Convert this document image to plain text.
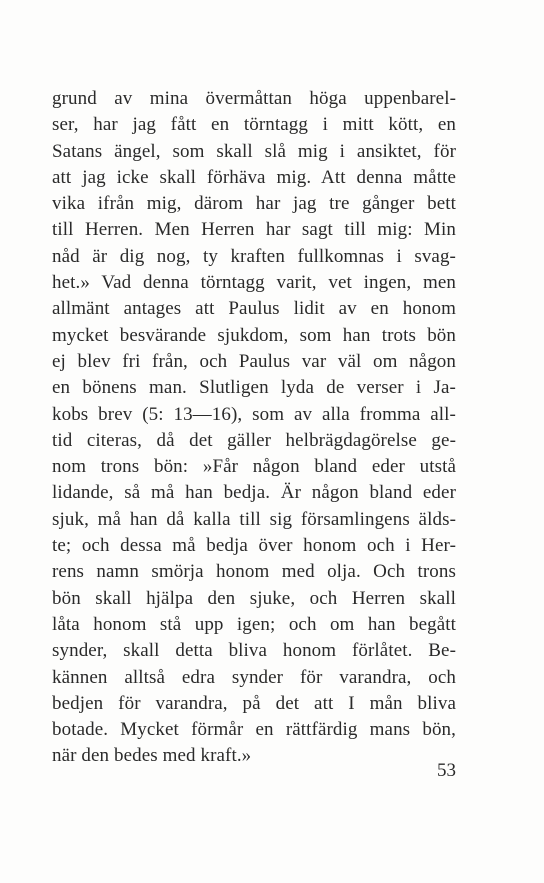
grund av mina övermåttan höga uppenbarel-
ser, har jag fått en törntagg i mitt kött, en
Satans ängel, som skall slå mig i ansiktet, för
att jag icke skall förhäva mig. Att denna måtte
vika ifrån mig, därom har jag tre gånger bett
till Herren. Men Herren har sagt till mig: Min
nåd är dig nog, ty kraften fullkomnas i svag-
het.» Vad denna törntagg varit, vet ingen, men
allmänt antages att Paulus lidit av en honom
mycket besvärande sjukdom, som han trots bön
ej blev fri från, och Paulus var väl om någon
en bönens man. Slutligen lyda de verser i Ja-
kobs brev (5: 13—16), som av alla fromma all-
tid citeras, då det gäller helbrägdagörelse ge-
nom trons bön: »Får någon bland eder utstå
lidande, så må han bedja. Är någon bland eder
sjuk, må han då kalla till sig församlingens älds-
te; och dessa må bedja över honom och i Her-
rens namn smörja honom med olja. Och trons
bön skall hjälpa den sjuke, och Herren skall
låta honom stå upp igen; och om han begått
synder, skall detta bliva honom förlåtet. Be-
kännen alltså edra synder för varandra, och
bedjen för varandra, på det att I mån bliva
botade. Mycket förmår en rättfärdig mans bön,
när den bedes med kraft.»
53
